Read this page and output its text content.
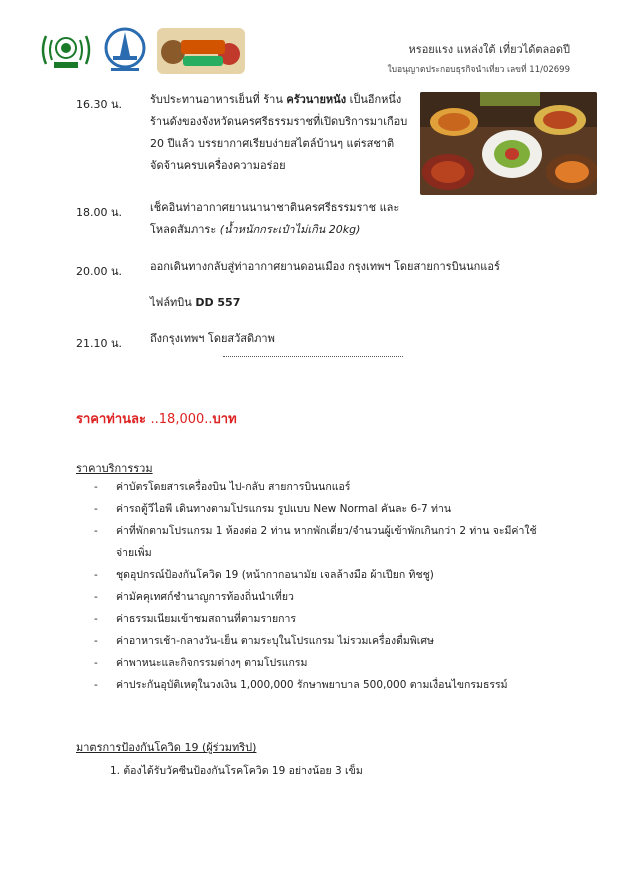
หรอยแรง แหล่งใต้ เที่ยวได้ตลอดปี
ใบอนุญาตประกอบธุรกิจนำเที่ยว เลขที่ 11/02699
16.30 น.	รับประทานอาหารเย็นที่ ร้าน ครัวนายหนัง เป็นอีกหนึ่ง
ร้านดังของจังหวัดนครศรีธรรมราชที่เปิดบริการมาเกือบ
20 ปีแล้ว บรรยากาศเรียบง่ายสไตล์บ้านๆ แต่รสชาติ
จัดจ้านครบเครื่องความอร่อย
18.00 น.	เช็คอินท่าอากาศยานนานาชาตินครศรีธรรมราช และ
โหลดสัมภาระ (น้ำหนักกระเป๋าไม่เกิน 20kg)
20.00 น.	ออกเดินทางกลับสู่ท่าอากาศยานดอนเมือง กรุงเทพฯ โดยสายการบินนกแอร์
ไฟล์ทบิน DD 557
21.10 น.	ถึงกรุงเทพฯ โดยสวัสดิภาพ
ราคาท่านละ ..18,000..บาท
ราคาบริการรวม
- ค่าบัตรโดยสารเครื่องบิน ไป-กลับ สายการบินนกแอร์
- ค่ารถตู้วีไอพี เดินทางตามโปรแกรม รูปแบบ New Normal คันละ 6-7 ท่าน
- ค่าที่พักตามโปรแกรม 1 ห้องต่อ 2 ท่าน หากพักเดี่ยว/จำนวนผู้เข้าพักเกินกว่า 2 ท่าน จะมีค่าใช้จ่ายเพิ่ม
- ชุดอุปกรณ์ป้องกันโควิด 19 (หน้ากากอนามัย เจลล้างมือ ผ้าเปียก ทิชชู)
- ค่ามัคคุเทศก์ชำนาญการท้องถิ่นนำเที่ยว
- ค่าธรรมเนียมเข้าชมสถานที่ตามรายการ
- ค่าอาหารเช้า-กลางวัน-เย็น ตามระบุในโปรแกรม ไม่รวมเครื่องดื่มพิเศษ
- ค่าพาหนะและกิจกรรมต่างๆ ตามโปรแกรม
- ค่าประกันอุบัติเหตุในวงเงิน 1,000,000 รักษาพยาบาล 500,000 ตามเงื่อนไขกรมธรรม์
มาตรการป้องกันโควิด 19 (ผู้ร่วมทริป)
1. ต้องได้รับวัคซีนป้องกันโรคโควิด 19 อย่างน้อย 3 เข็ม
